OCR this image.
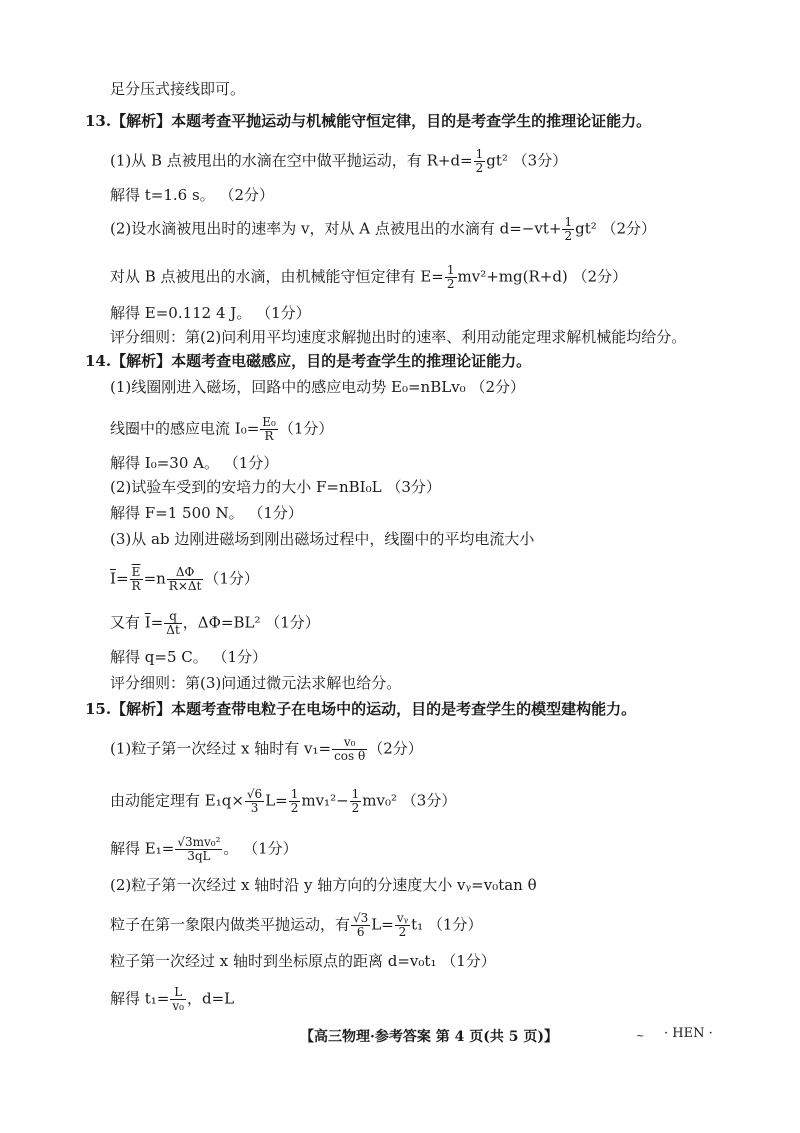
足分压式接线即可。
13.【解析】本题考查平抛运动与机械能守恒定律，目的是考查学生的推理论证能力。
(1)从 B 点被甩出的水滴在空中做平抛运动，有 $R+d= \frac{1}{2} gt^2$ （3分）
解得 t=1.6 s。 （2分）
(2)设水滴被甩出时的速率为 v，对从 A 点被甩出的水滴有 $d=-vt+ \frac{1}{2} gt^2$ （2分）
对从 B 点被甩出的水滴，由机械能守恒定律有 $E= \frac{1}{2} mv^2+mg(R+d)$ （2分）
解得 E=0.112 4 J。 （1分）
评分细则：第(2)问利用平均速度求解抛出时的速率、利用动能定理求解机械能均给分。
14.【解析】本题考查电磁感应，目的是考查学生的推理论证能力。
(1)线圈刚进入磁场，回路中的感应电动势 E₀=nBLv₀ （2分）
线圈中的感应电流 $I_0= \frac{\text{E₀}}{R} (1$分）
解得 I₀=30 A。 （1分）
(2)试验车受到的安培力的大小 F=nBI₀L （3分）
解得 F=1 500 N。 （1分）
(3)从 ab 边刚进磁场到刚出磁场过程中，线圈中的平均电流大小
$\overline{I}= \frac{\overline{E}}{R} =n \frac{\Delta\Phi}{R\times\Delta t} (1$分）
又有 $\overline{I}= \frac{q}{\Delta t}$ ，ΔΦ=BL² （1分）
解得 q=5 C。 （1分）
评分细则：第(3)问通过微元法求解也给分。
15.【解析】本题考查带电粒子在电场中的运动，目的是考查学生的模型建构能力。
(1)粒子第一次经过 x 轴时有 $v_1= \frac{\text{v₀}}{\text{cos θ}} (2$分）
由动能定理有 $E_1q\times \frac{√6}{3} L= \frac{1}{2} mv_1^2- \frac{1}{2} mv_0^2$ （3分）
解得 $E_1= \frac{\text{√3mv₀²}}{3qL}$ 。 （1分）
(2)粒子第一次经过 x 轴时沿 y 轴方向的分速度大小 vᵧ=v₀tan θ
粒子在第一象限内做类平抛运动，有 $\frac{√3}{6} L= \frac{\text{vᵧ}}{2} t_1$ （1分）
粒子第一次经过 x 轴时到坐标原点的距离 d=v₀t₁ （1分）
解得 $t_1= \frac{L}{\text{v₀}}$ ，d=L
【高三物理·参考答案 第 4 页(共 5 页)】	~ · HEN ·
